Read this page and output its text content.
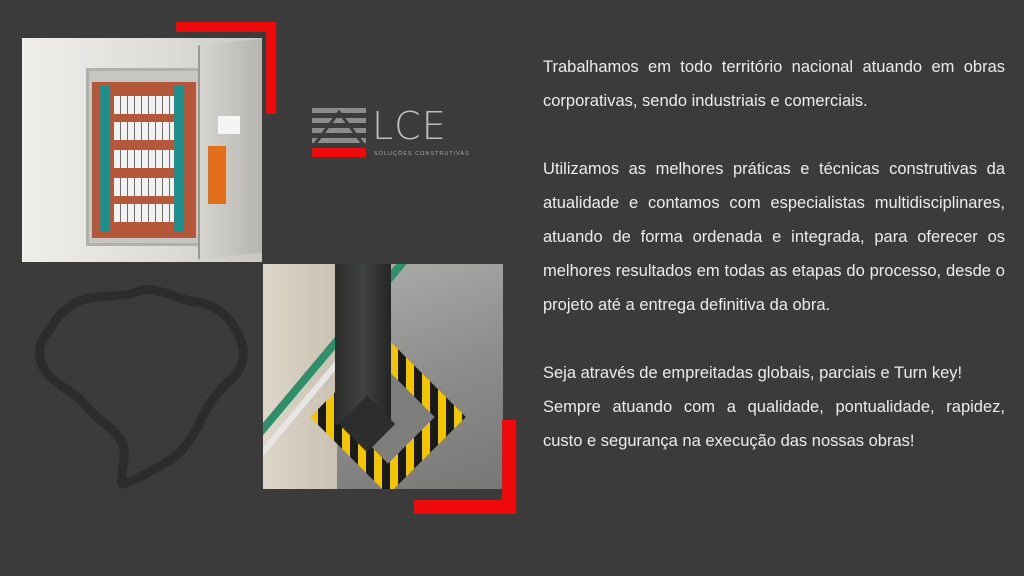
LCE
SOLUÇÕES CONSTRUTIVAS

Trabalhamos em todo território nacional atuando em obras corporativas, sendo industriais e comerciais.

Utilizamos as melhores práticas e técnicas construtivas da atualidade e contamos com especialistas multidisciplinares, atuando de forma ordenada e integrada, para oferecer os melhores resultados em todas as etapas do processo, desde o projeto até a entrega definitiva da obra.

Seja através de empreitadas globais, parciais e Turn key!

Sempre atuando com a qualidade, pontualidade, rapidez, custo e segurança na execução das nossas obras!
